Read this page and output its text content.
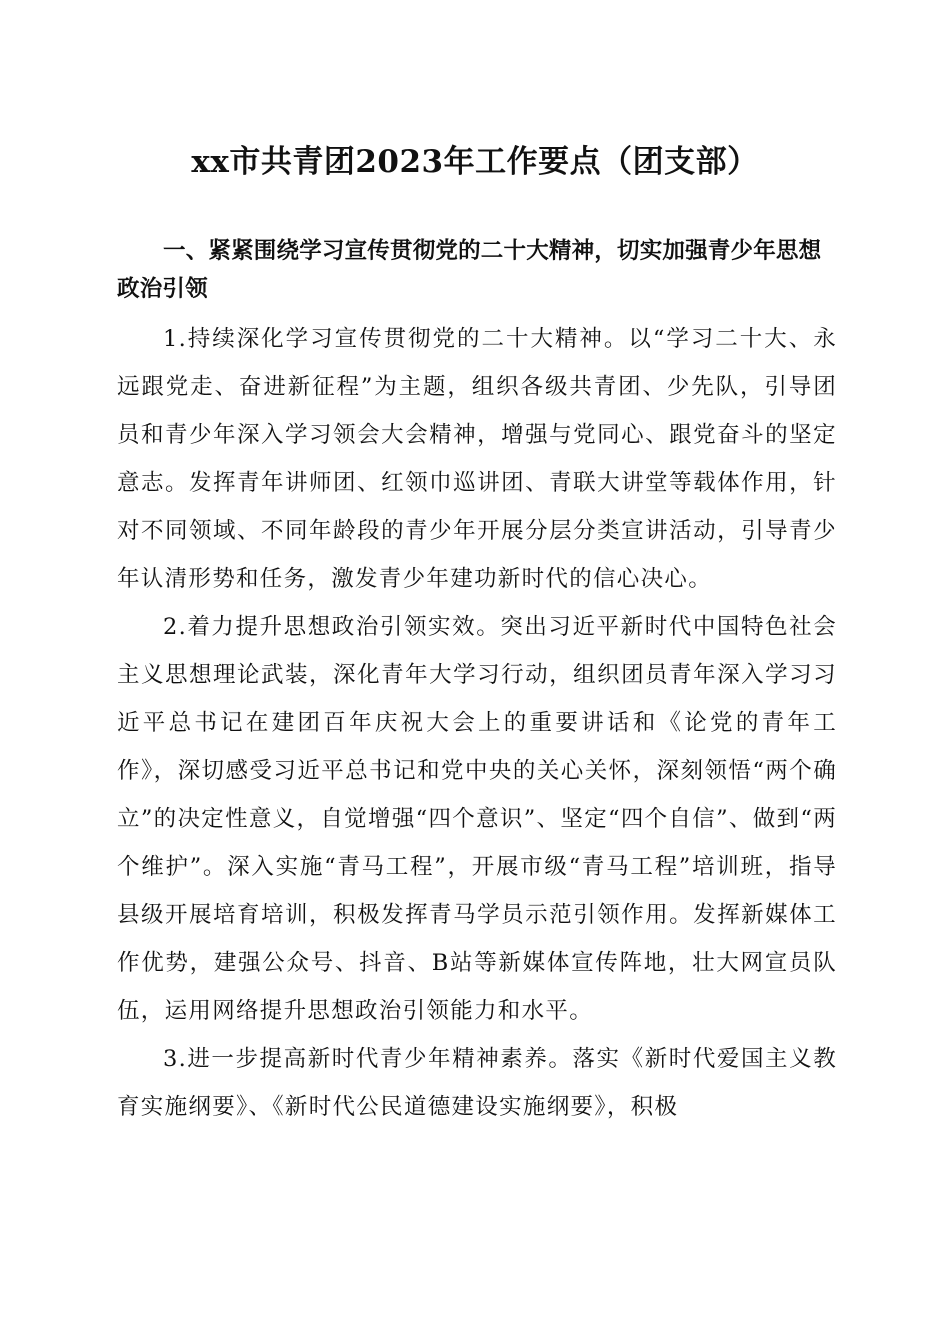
xx市共青团2023年工作要点（团支部）

一、紧紧围绕学习宣传贯彻党的二十大精神，切实加强青少年思想政治引领

1.持续深化学习宣传贯彻党的二十大精神。以“学习二十大、永远跟党走、奋进新征程”为主题，组织各级共青团、少先队，引导团员和青少年深入学习领会大会精神，增强与党同心、跟党奋斗的坚定意志。发挥青年讲师团、红领巾巡讲团、青联大讲堂等载体作用，针对不同领域、不同年龄段的青少年开展分层分类宣讲活动，引导青少年认清形势和任务，激发青少年建功新时代的信心决心。

2.着力提升思想政治引领实效。突出习近平新时代中国特色社会主义思想理论武装，深化青年大学习行动，组织团员青年深入学习习近平总书记在建团百年庆祝大会上的重要讲话和《论党的青年工作》，深切感受习近平总书记和党中央的关心关怀，深刻领悟“两个确立”的决定性意义，自觉增强“四个意识”、坚定“四个自信”、做到“两个维护”。深入实施“青马工程”，开展市级“青马工程”培训班，指导县级开展培育培训，积极发挥青马学员示范引领作用。发挥新媒体工作优势，建强公众号、抖音、B站等新媒体宣传阵地，壮大网宣员队伍，运用网络提升思想政治引领能力和水平。

3.进一步提高新时代青少年精神素养。落实《新时代爱国主义教育实施纲要》、《新时代公民道德建设实施纲要》，积极
